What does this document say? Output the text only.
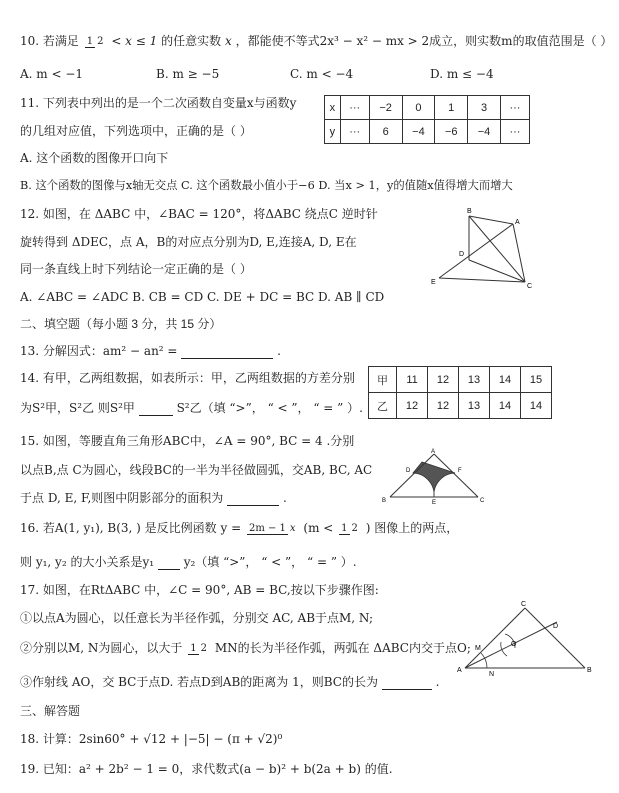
10. 若满足 1 2 < x ≤ 1 的任意实数 x ，都能使不等式2x³ − x² − mx > 2成立，则实数m的取值范围是（ ）
A. m < −1	B. m ≥ −5	C. m < −4	D. m ≤ −4
11. 下列表中列出的是一个二次函数自变量x与函数y
的几组对应值，下列选项中，正确的是（ ）
A. 这个函数的图像开口向下
B. 这个函数的图像与x轴无交点 C. 这个函数最小值小于−6 D. 当x > 1，y的值随x值得增大而增大
x	···	−2	0	1	3	···
y	···	6	−4	−6	−4	···
12. 如图，在 ΔABC 中，∠BAC = 120°，将ΔABC 绕点C 逆时针
旋转得到 ΔDEC，点 A，B的对应点分别为D, E,连接A, D, E在
同一条直线上时下列结论一定正确的是（ ）
A. ∠ABC = ∠ADC B. CB = CD C. DE + DC = BC D. AB ∥ CD
B
A
D
E
C
二、填空题（每小题 3 分，共 15 分）
13. 分解因式：am² − an² =	.
14. 有甲，乙两组数据，如表所示：甲，乙两组数据的方差分别
为S²甲，S²乙 则S²甲	S²乙（填 “>”， “ < ”， “ = ” ）.
甲	11	12	13	14	15
乙	12	12	13	14	14
15. 如图，等腰直角三角形ABC中，∠A = 90°, BC = 4 .分别
以点B,点 C为圆心，线段BC的一半为半径做圆弧，交AB, BC, AC
于点 D, E, F,则图中阴影部分的面积为	.
A
D	F
B	E	C
16. 若A(1, y₁), B(3, ) 是反比例函数 y = 2m − 1 x (m < 1 2 ) 图像上的两点，
则 y₁, y₂ 的大小关系是y₁ y₂（填 “>”， “ < ”， “ = ” ）.
17. 如图，在RtΔABC 中，∠C = 90°, AB = BC,按以下步骤作图:
①以点A为圆心，以任意长为半径作弧，分别交 AC, AB于点M, N;
②分别以M, N为圆心，以大于 1 2 MN的长为半径作弧，两弧在 ΔABC内交于点O;
③作射线 AO，交 BC于点D. 若点D到AB的距离为 1，则BC的长为	.
C
D
M
O
A
N
B
三、解答题
18. 计算：2sin60° + √12 + |−5| − (π + √2)⁰
19. 已知：a² + 2b² − 1 = 0，求代数式(a − b)² + b(2a + b) 的值.
